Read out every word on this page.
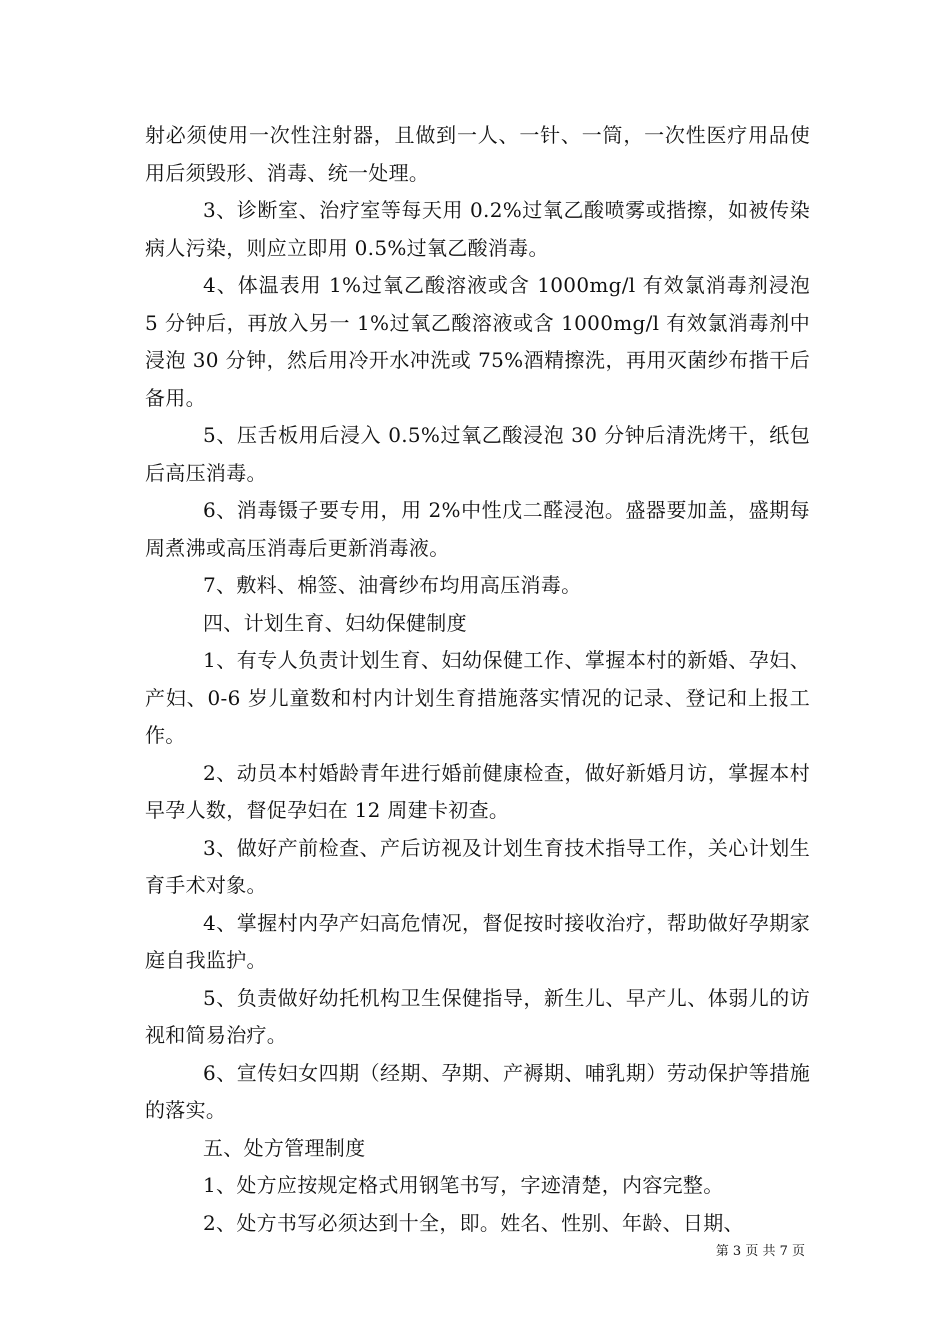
射必须使用一次性注射器，且做到一人、一针、一筒，一次性医疗用品使用后须毁形、消毒、统一处理。

3、诊断室、治疗室等每天用 0.2%过氧乙酸喷雾或揩擦，如被传染病人污染，则应立即用 0.5%过氧乙酸消毒。

4、体温表用 1%过氧乙酸溶液或含 1000mg/l 有效氯消毒剂浸泡 5 分钟后，再放入另一 1%过氧乙酸溶液或含 1000mg/l 有效氯消毒剂中浸泡 30 分钟，然后用冷开水冲洗或 75%酒精擦洗，再用灭菌纱布揩干后备用。

5、压舌板用后浸入 0.5%过氧乙酸浸泡 30 分钟后清洗烤干，纸包后高压消毒。

6、消毒镊子要专用，用 2%中性戊二醛浸泡。盛器要加盖，盛期每周煮沸或高压消毒后更新消毒液。

7、敷料、棉签、油膏纱布均用高压消毒。

四、计划生育、妇幼保健制度

1、有专人负责计划生育、妇幼保健工作、掌握本村的新婚、孕妇、产妇、0-6 岁儿童数和村内计划生育措施落实情况的记录、登记和上报工作。

2、动员本村婚龄青年进行婚前健康检查，做好新婚月访，掌握本村早孕人数，督促孕妇在 12 周建卡初查。

3、做好产前检查、产后访视及计划生育技术指导工作，关心计划生育手术对象。

4、掌握村内孕产妇高危情况，督促按时接收治疗，帮助做好孕期家庭自我监护。

5、负责做好幼托机构卫生保健指导，新生儿、早产儿、体弱儿的访视和简易治疗。

6、宣传妇女四期（经期、孕期、产褥期、哺乳期）劳动保护等措施的落实。

五、处方管理制度

1、处方应按规定格式用钢笔书写，字迹清楚，内容完整。

2、处方书写必须达到十全，即。姓名、性别、年龄、日期、

第 3 页 共 7 页
